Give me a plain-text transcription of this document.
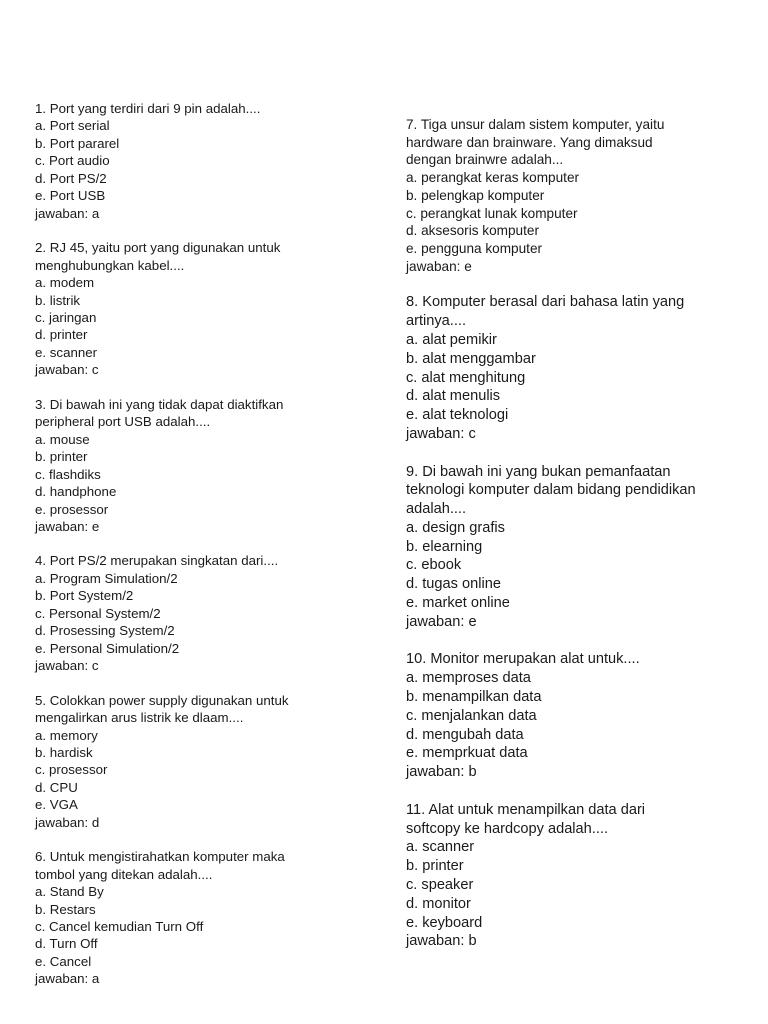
1. Port yang terdiri dari 9 pin adalah....
a. Port serial
b. Port pararel
c. Port audio
d. Port PS/2
e. Port USB
jawaban: a
2. RJ 45, yaitu port yang digunakan untuk
menghubungkan kabel....
a. modem
b. listrik
c. jaringan
d. printer
e. scanner
jawaban: c
3. Di bawah ini yang tidak dapat diaktifkan
peripheral port USB adalah....
a. mouse
b. printer
c. flashdiks
d. handphone
e. prosessor
jawaban: e
4. Port PS/2 merupakan singkatan dari....
a. Program Simulation/2
b. Port System/2
c. Personal System/2
d. Prosessing System/2
e. Personal Simulation/2
jawaban: c
5. Colokkan power supply digunakan untuk
mengalirkan arus listrik ke dlaam....
a. memory
b. hardisk
c. prosessor
d. CPU
e. VGA
jawaban: d
6. Untuk mengistirahatkan komputer maka
tombol yang ditekan adalah....
a. Stand By
b. Restars
c. Cancel kemudian Turn Off
d. Turn Off
e. Cancel
jawaban: a
7. Tiga unsur dalam sistem komputer, yaitu
hardware dan brainware. Yang dimaksud
dengan brainwre adalah...
a. perangkat keras komputer
b. pelengkap komputer
c. perangkat lunak komputer
d. aksesoris komputer
e. pengguna komputer
jawaban: e
8. Komputer berasal dari bahasa latin yang
artinya....
a. alat pemikir
b. alat menggambar
c. alat menghitung
d. alat menulis
e. alat teknologi
jawaban: c
9. Di bawah ini yang bukan pemanfaatan
teknologi komputer dalam bidang pendidikan
adalah....
a. design grafis
b. elearning
c. ebook
d. tugas online
e. market online
jawaban: e
10. Monitor merupakan alat untuk....
a. memproses data
b. menampilkan data
c. menjalankan data
d. mengubah data
e. memprkuat data
jawaban: b
11. Alat untuk menampilkan data dari
softcopy ke hardcopy adalah....
a. scanner
b. printer
c. speaker
d. monitor
e. keyboard
jawaban: b
